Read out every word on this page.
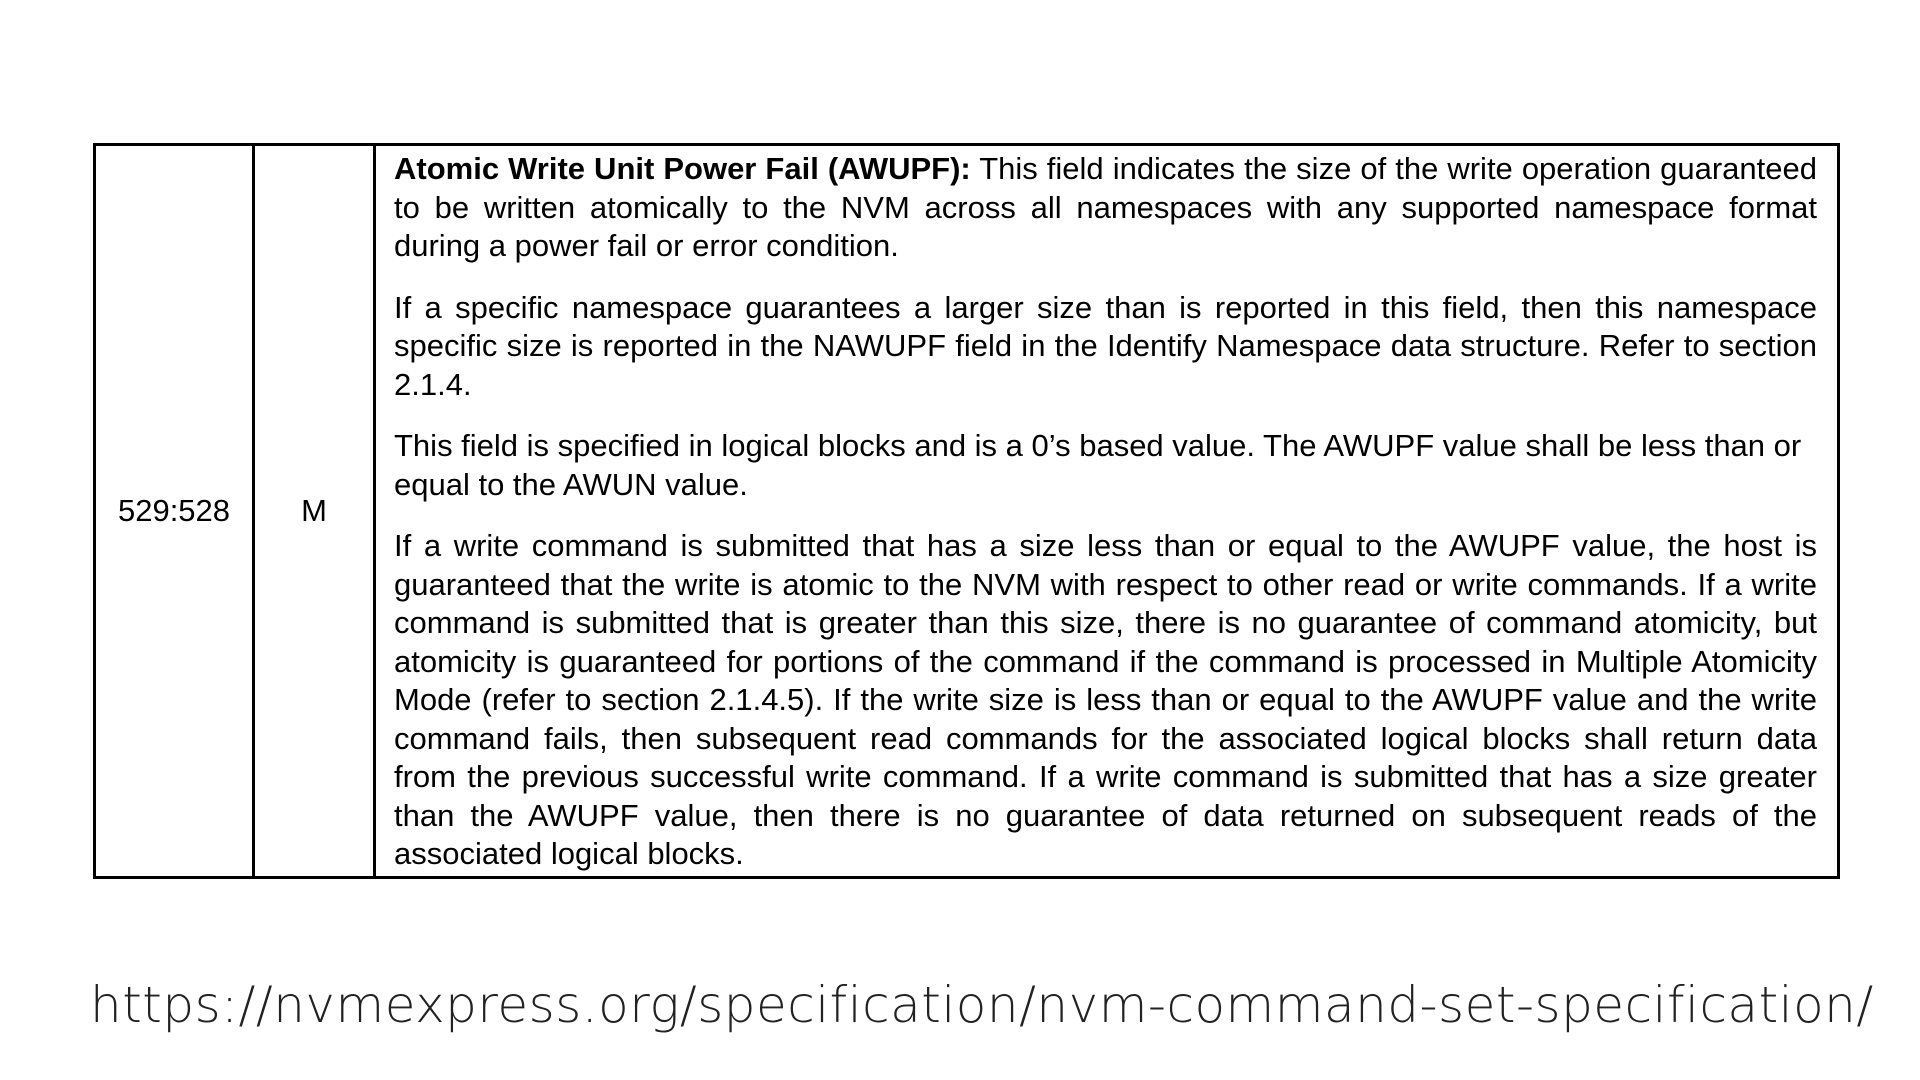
529:528	M	

Atomic Write Unit Power Fail (AWUPF): This field indicates the size of the write operation guaranteed to be written atomically to the NVM across all namespaces with any supported namespace format during a power fail or error condition.

If a specific namespace guarantees a larger size than is reported in this field, then this namespace specific size is reported in the NAWUPF field in the Identify Namespace data structure. Refer to section 2.1.4.

This field is specified in logical blocks and is a 0’s based value. The AWUPF value shall be less than or equal to the AWUN value.

If a write command is submitted that has a size less than or equal to the AWUPF value, the host is guaranteed that the write is atomic to the NVM with respect to other read or write commands. If a write command is submitted that is greater than this size, there is no guarantee of command atomicity, but atomicity is guaranteed for portions of the command if the command is processed in Multiple Atomicity Mode (refer to section 2.1.4.5). If the write size is less than or equal to the AWUPF value and the write command fails, then subsequent read commands for the associated logical blocks shall return data from the previous successful write command. If a write command is submitted that has a size greater than the AWUPF value, then there is no guarantee of data returned on subsequent reads of the associated logical blocks.

https://nvmexpress.org/specification/nvm-command-set-specification/
